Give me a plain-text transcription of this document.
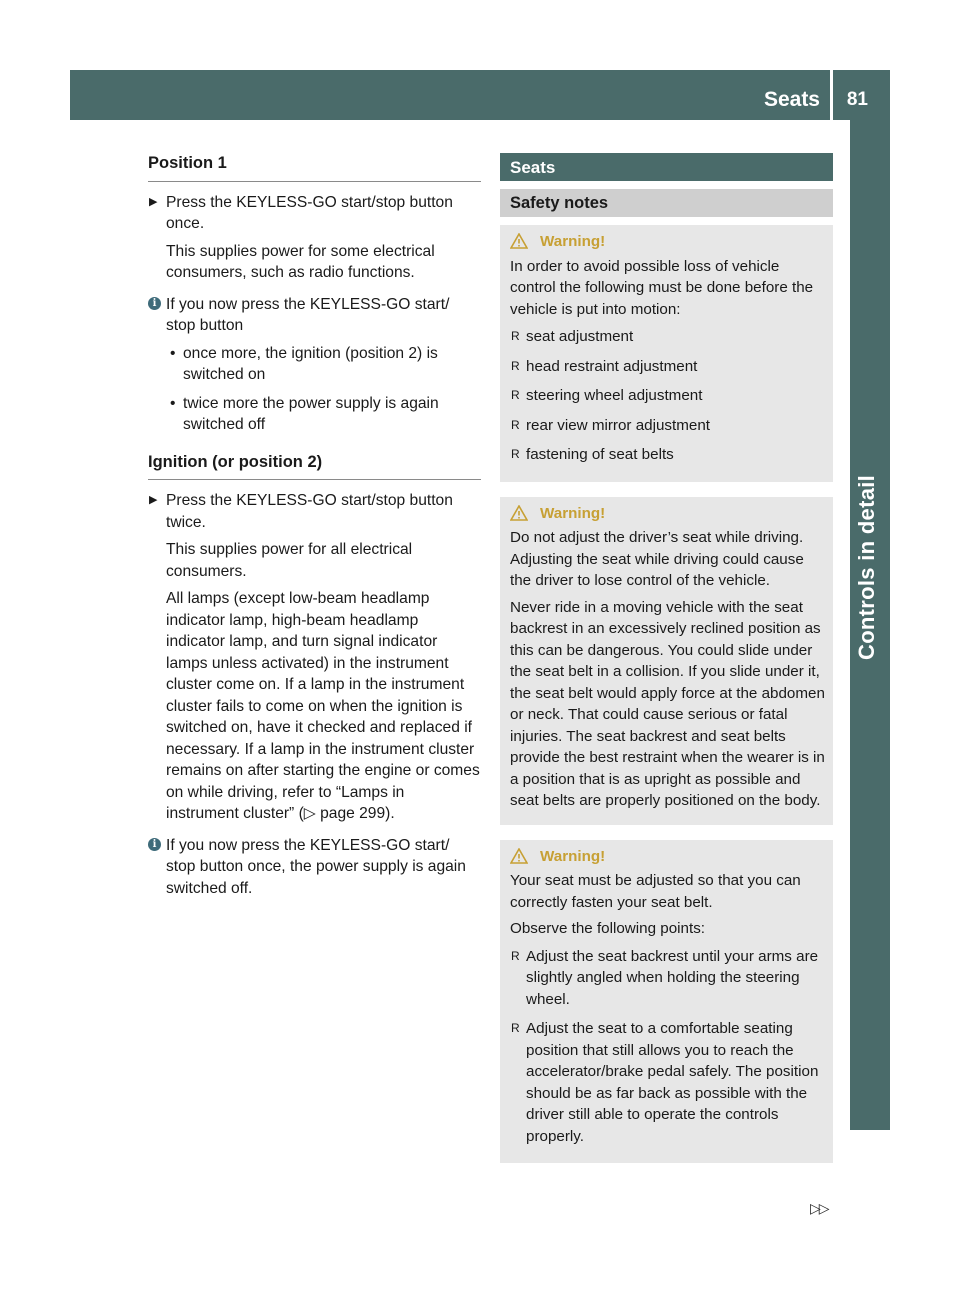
Seats 81
Controls in detail
Position 1
▶ Press the KEYLESS-GO start/stop button once.

This supplies power for some electrical consumers, such as radio functions.

i If you now press the KEYLESS-GO start/ stop button
• once more, the ignition (position 2) is switched on
• twice more the power supply is again switched off
Ignition (or position 2)
▶ Press the KEYLESS-GO start/stop button twice.

This supplies power for all electrical consumers.

All lamps (except low-beam headlamp indicator lamp, high-beam headlamp indicator lamp, and turn signal indicator lamps unless activated) in the instrument cluster come on. If a lamp in the instrument cluster fails to come on when the ignition is switched on, have it checked and replaced if necessary. If a lamp in the instrument cluster remains on after starting the engine or comes on while driving, refer to “Lamps in instrument cluster” (▷ page 299).

i If you now press the KEYLESS-GO start/ stop button once, the power supply is again switched off.
Seats
Safety notes
Warning!

In order to avoid possible loss of vehicle control the following must be done before the vehicle is put into motion:

R seat adjustment
R head restraint adjustment
R steering wheel adjustment
R rear view mirror adjustment
R fastening of seat belts
Warning!

Do not adjust the driver’s seat while driving. Adjusting the seat while driving could cause the driver to lose control of the vehicle.

Never ride in a moving vehicle with the seat backrest in an excessively reclined position as this can be dangerous. You could slide under the seat belt in a collision. If you slide under it, the seat belt would apply force at the abdomen or neck. That could cause serious or fatal injuries. The seat backrest and seat belts provide the best restraint when the wearer is in a position that is as upright as possible and seat belts are properly positioned on the body.

Warning!

Your seat must be adjusted so that you can correctly fasten your seat belt.

Observe the following points:

R Adjust the seat backrest until your arms are slightly angled when holding the steering wheel.
R Adjust the seat to a comfortable seating position that still allows you to reach the accelerator/brake pedal safely. The position should be as far back as possible with the driver still able to operate the controls properly.
▷▷
